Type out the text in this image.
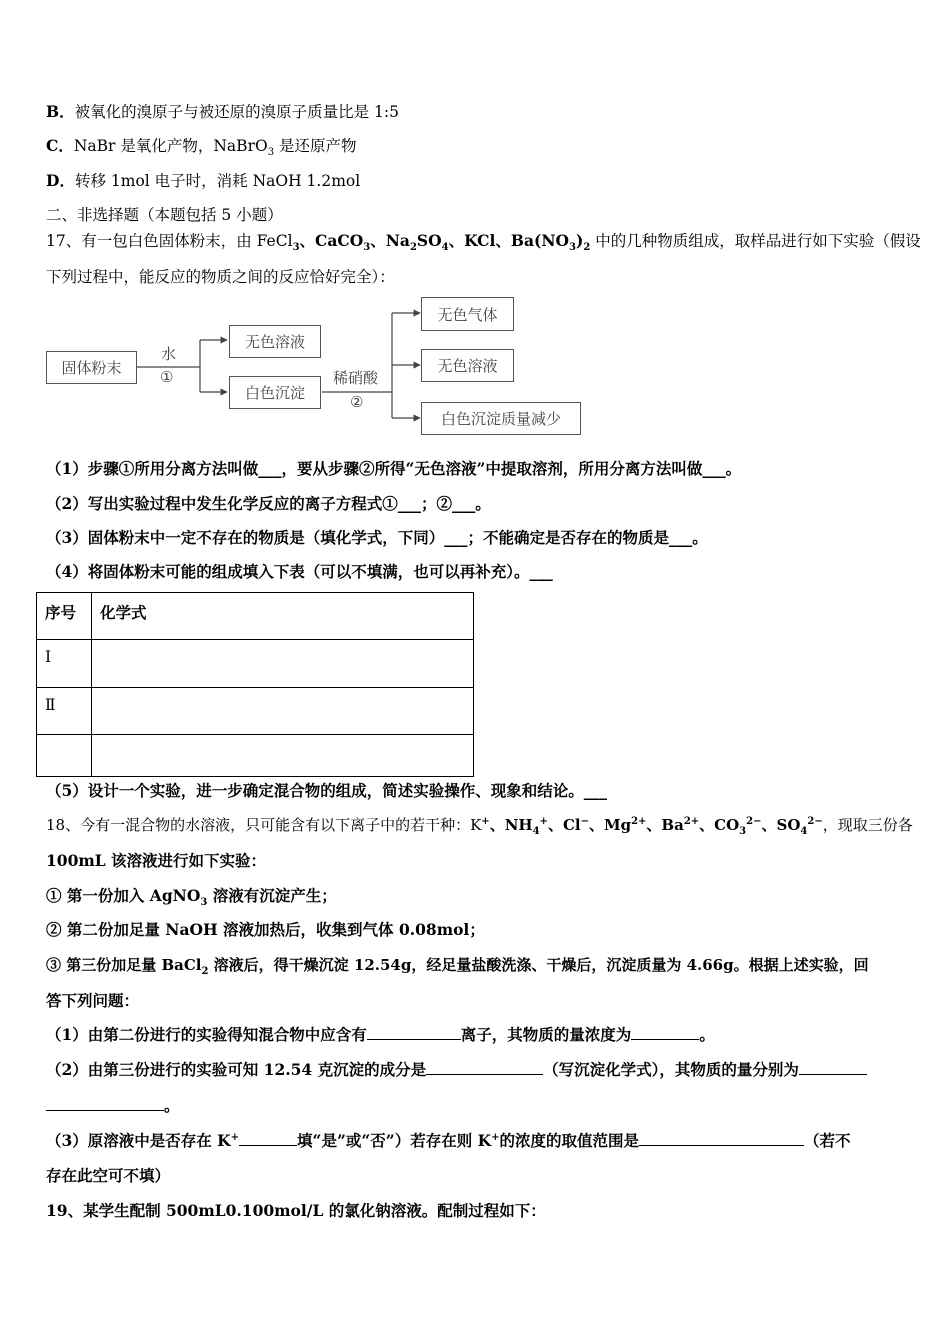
B．被氧化的溴原子与被还原的溴原子质量比是 1:5
C．NaBr 是氧化产物，NaBrO$_3$ 是还原产物
D．转移 1mol 电子时，消耗 NaOH 1.2mol
二、非选择题（本题包括 5 小题）
17、有一包白色固体粉末，由 FeCl$_3$、CaCO$_3$、$Na_2SO_4$、KCl、$Ba(NO_3)_2$ 中的几种物质组成，取样品进行如下实验（假设
下列过程中，能反应的物质之间的反应恰好完全）：
固体粉末
水
①
无色溶液
白色沉淀
稀硝酸
②
无色气体
无色溶液
白色沉淀质量减少
（1）步骤①所用分离方法叫做___，要从步骤②所得“无色溶液”中提取溶剂，所用分离方法叫做___。
（2）写出实验过程中发生化学反应的离子方程式①___；②___。
（3）固体粉末中一定不存在的物质是（填化学式，下同）___；不能确定是否存在的物质是___。
（4）将固体粉末可能的组成填入下表（可以不填满，也可以再补充）。___
序号	化学式
Ⅰ	
Ⅱ	

（5）设计一个实验，进一步确定混合物的组成，简述实验操作、现象和结论。___
18、今有一混合物的水溶液，只可能含有以下离子中的若干种：K+、$NH_4^+$、Cl−、$Mg^{2+}$、$Ba^{2+}$、$CO_3^{2-}$、$SO_4^{2-}$，现取三份各
100mL 该溶液进行如下实验：
① 第一份加入 AgNO$_3$ 溶液有沉淀产生；
② 第二份加足量 NaOH 溶液加热后，收集到气体 0.08mol；
③ 第三份加足量 BaCl$_2$ 溶液后，得干燥沉淀 12.54g，经足量盐酸洗涤、干燥后，沉淀质量为 4.66g。根据上述实验，回
答下列问题：
（1）由第二份进行的实验得知混合物中应含有	离子，其物质的量浓度为	。
（2）由第三份进行的实验可知 12.54 克沉淀的成分是	（写沉淀化学式），其物质的量分别为
。
（3）原溶液中是否存在 K+	填“是”或“否”）若存在则 K+的浓度的取值范围是	（若不
存在此空可不填）
19、某学生配制 500mL0.100mol/L 的氯化钠溶液。配制过程如下：
